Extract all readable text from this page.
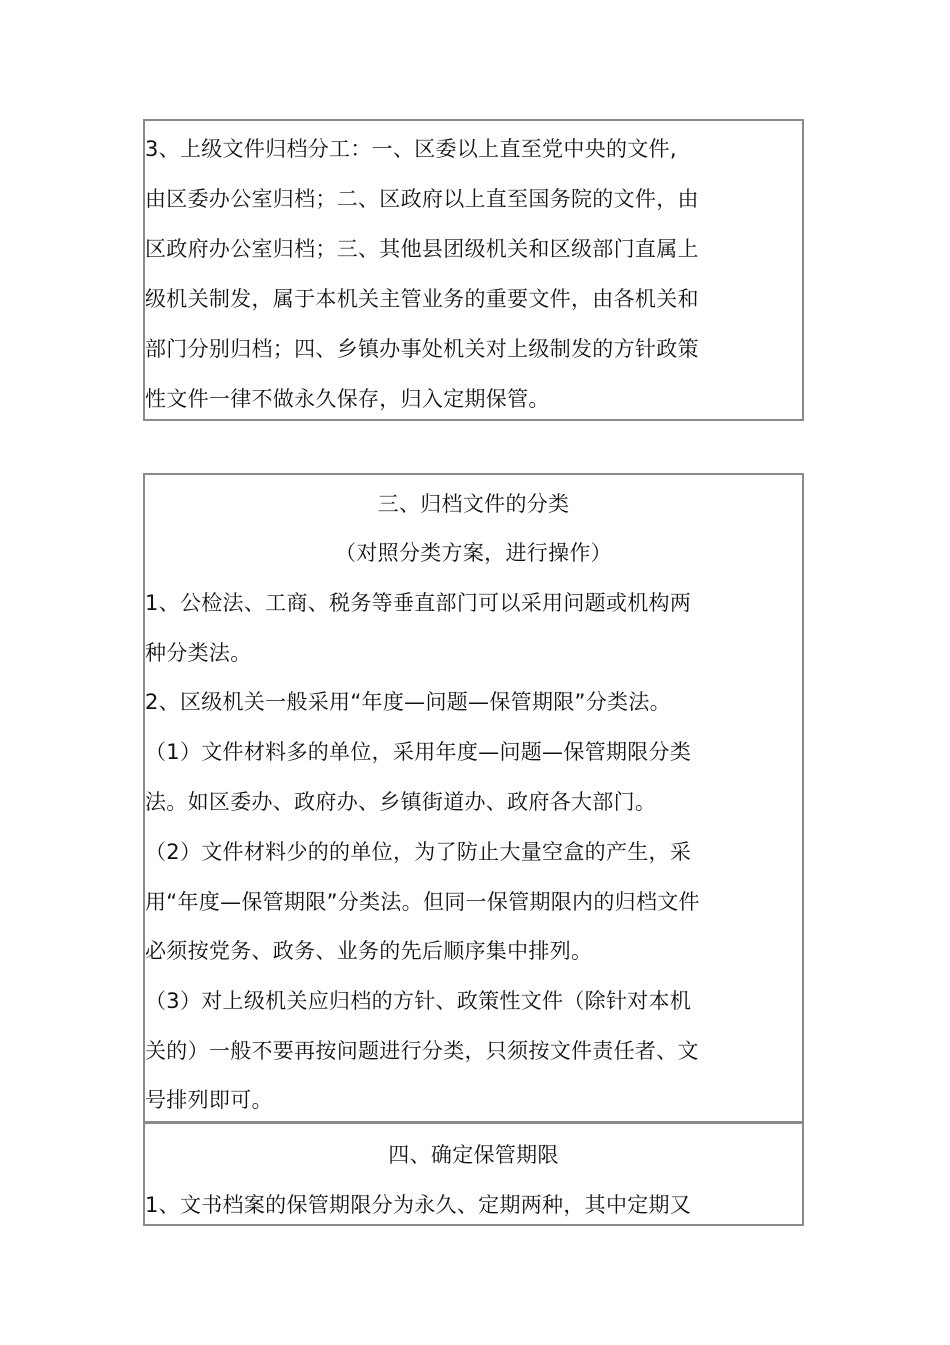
3、上级文件归档分工：一、区委以上直至党中央的文件,
由区委办公室归档；二、区政府以上直至国务院的文件，由
区政府办公室归档；三、其他县团级机关和区级部门直属上
级机关制发，属于本机关主管业务的重要文件，由各机关和
部门分别归档；四、乡镇办事处机关对上级制发的方针政策
性文件一律不做永久保存，归入定期保管。
三、归档文件的分类
（对照分类方案，进行操作）
1、公检法、工商、税务等垂直部门可以采用问题或机构两
种分类法。
2、区级机关一般采用“年度—问题—保管期限”分类法。
（1）文件材料多的单位，采用年度—问题—保管期限分类
法。如区委办、政府办、乡镇街道办、政府各大部门。
（2）文件材料少的的单位，为了防止大量空盒的产生，采
用“年度—保管期限”分类法。但同一保管期限内的归档文件
必须按党务、政务、业务的先后顺序集中排列。
（3）对上级机关应归档的方针、政策性文件（除针对本机
关的）一般不要再按问题进行分类，只须按文件责任者、文
号排列即可。
四、确定保管期限
1、文书档案的保管期限分为永久、定期两种，其中定期又
